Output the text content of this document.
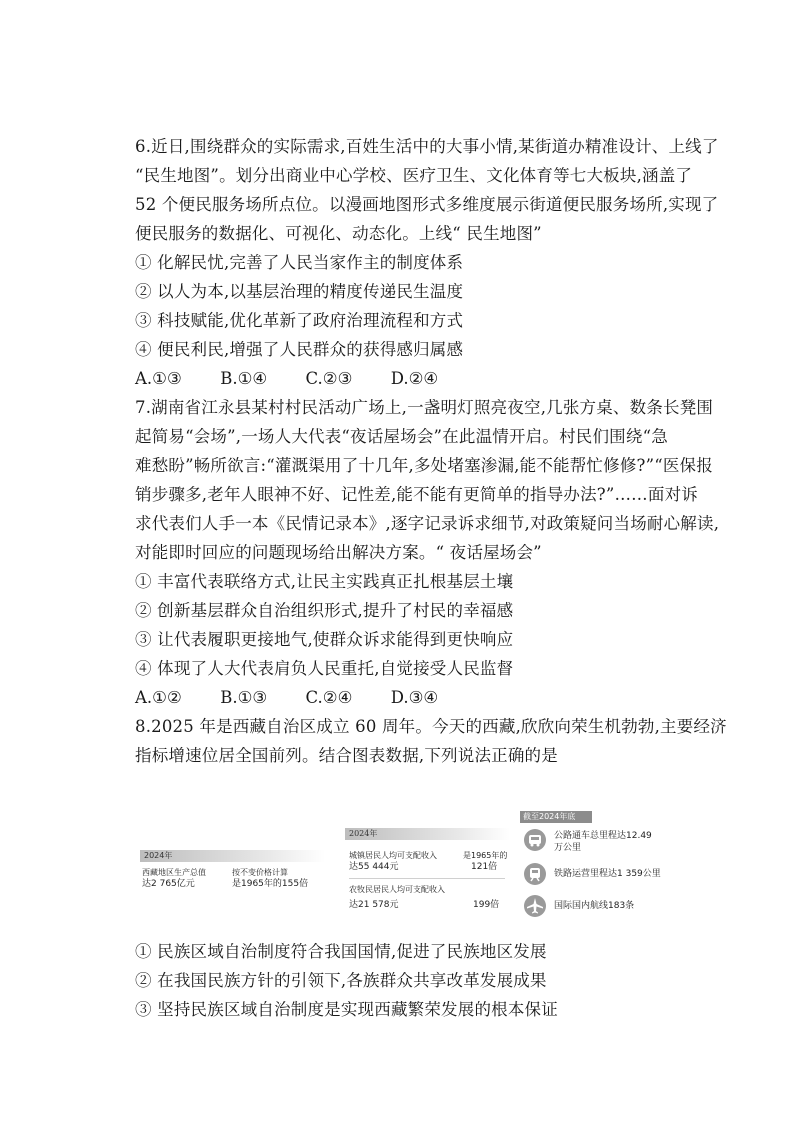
6.近日,围绕群众的实际需求,百姓生活中的大事小情,某街道办精准设计、上线了
“民生地图”。划分出商业中心学校、医疗卫生、文化体育等七大板块,涵盖了
52 个便民服务场所点位。以漫画地图形式多维度展示街道便民服务场所,实现了
便民服务的数据化、可视化、动态化。上线“ 民生地图”
① 化解民忧,完善了人民当家作主的制度体系
② 以人为本,以基层治理的精度传递民生温度
③ 科技赋能,优化革新了政府治理流程和方式
④ 便民利民,增强了人民群众的获得感归属感
A.①③ B.①④ C.②③ D.②④
7.湖南省江永县某村村民活动广场上,一盏明灯照亮夜空,几张方桌、数条长凳围
起简易“会场”,一场人大代表“夜话屋场会”在此温情开启。村民们围绕“急
难愁盼”畅所欲言:“灌溉渠用了十几年,多处堵塞渗漏,能不能帮忙修修?”“医保报
销步骤多,老年人眼神不好、记性差,能不能有更简单的指导办法?”……面对诉
求代表们人手一本《民情记录本》,逐字记录诉求细节,对政策疑问当场耐心解读,
对能即时回应的问题现场给出解决方案。“ 夜话屋场会”
① 丰富代表联络方式,让民主实践真正扎根基层土壤
② 创新基层群众自治组织形式,提升了村民的幸福感
③ 让代表履职更接地气,使群众诉求能得到更快响应
④ 体现了人大代表肩负人民重托,自觉接受人民监督
A.①② B.①③ C.②④ D.③④
8.2025 年是西藏自治区成立 60 周年。今天的西藏,欣欣向荣生机勃勃,主要经济
指标增速位居全国前列。结合图表数据,下列说法正确的是
2024年
西藏地区生产总值
达2 765亿元
按不变价格计算
是1965年的155倍
2024年
城镇居民人均可支配收入
达55 444元
是1965年的
121倍
农牧民居民人均可支配收入
达21 578元	199倍
截至2024年底
公路通车总里程达12.49
万公里
铁路运营里程达1 359公里
国际国内航线183条
① 民族区域自治制度符合我国国情,促进了民族地区发展
② 在我国民族方针的引领下,各族群众共享改革发展成果
③ 坚持民族区域自治制度是实现西藏繁荣发展的根本保证
